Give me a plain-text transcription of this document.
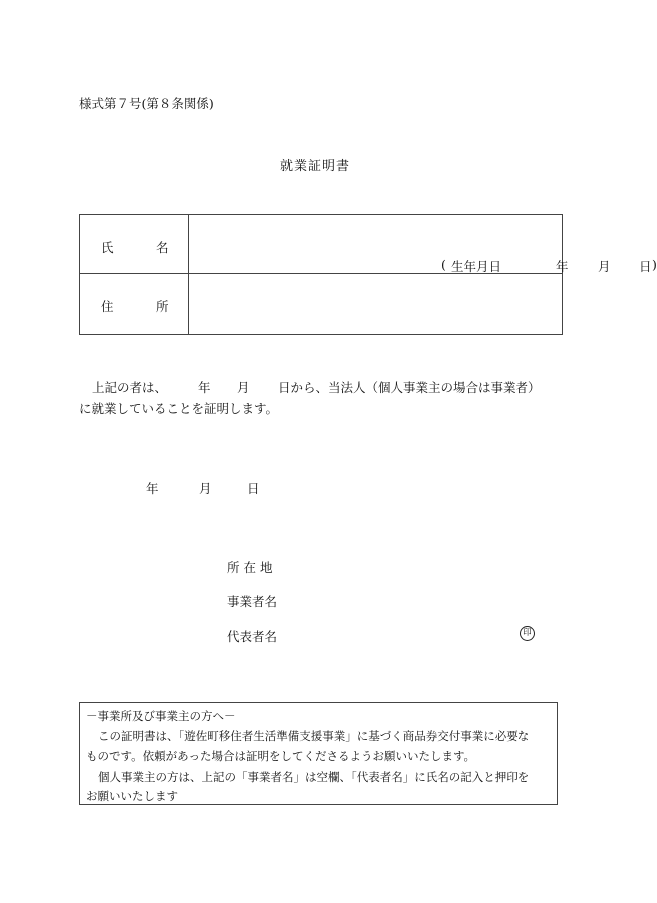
様式第７号(第８条関係)
就業証明書
氏	名
( 生年月日	年 月 日 )
住	所
上記の者は、 年 月 日から、当法人（個人事業主の場合は事業者）
に就業していることを証明します。
年	月	日
所在地
事業者名
代表者名	印
－事業所及び事業主の方へ－
この証明書は、「遊佐町移住者生活準備支援事業」に基づく商品券交付事業に必要な
ものです。依頼があった場合は証明をしてくださるようお願いいたします。
個人事業主の方は、上記の「事業者名」は空欄、「代表者名」に氏名の記入と押印を
お願いいたします
